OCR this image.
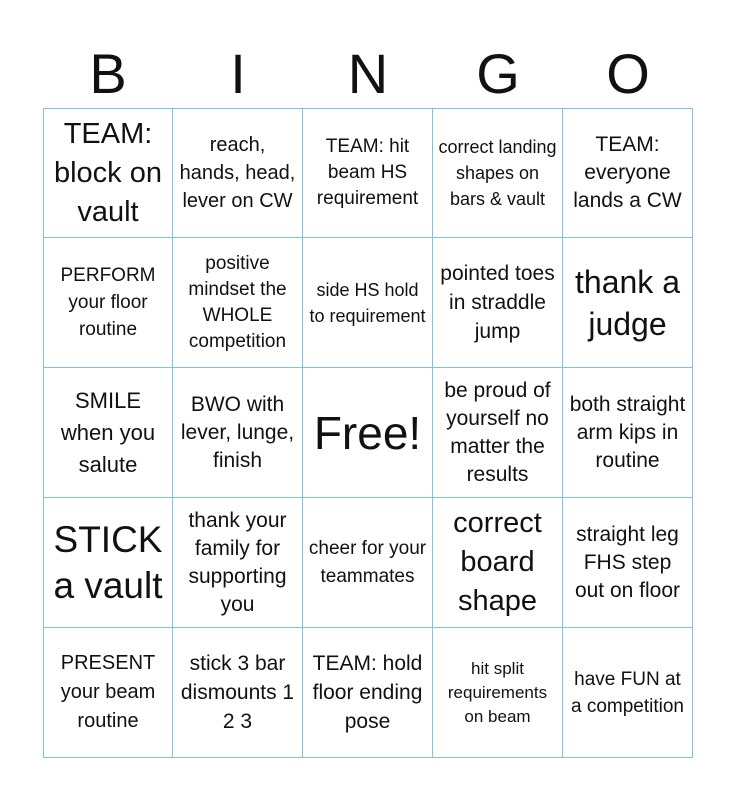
B	I	N	G	O
TEAM: block on vault
reach, hands, head, lever on CW
TEAM: hit beam HS requirement
correct landing shapes on bars & vault
TEAM: everyone lands a CW
PERFORM your floor routine
positive mindset the WHOLE competition
side HS hold to requirement
pointed toes in straddle jump
thank a judge
SMILE when you salute
BWO with lever, lunge, finish
Free!
be proud of yourself no matter the results
both straight arm kips in routine
STICK a vault
thank your family for supporting you
cheer for your teammates
correct board shape
straight leg FHS step out on floor
PRESENT your beam routine
stick 3 bar dismounts 1 2 3
TEAM: hold floor ending pose
hit split requirements on beam
have FUN at a competition
